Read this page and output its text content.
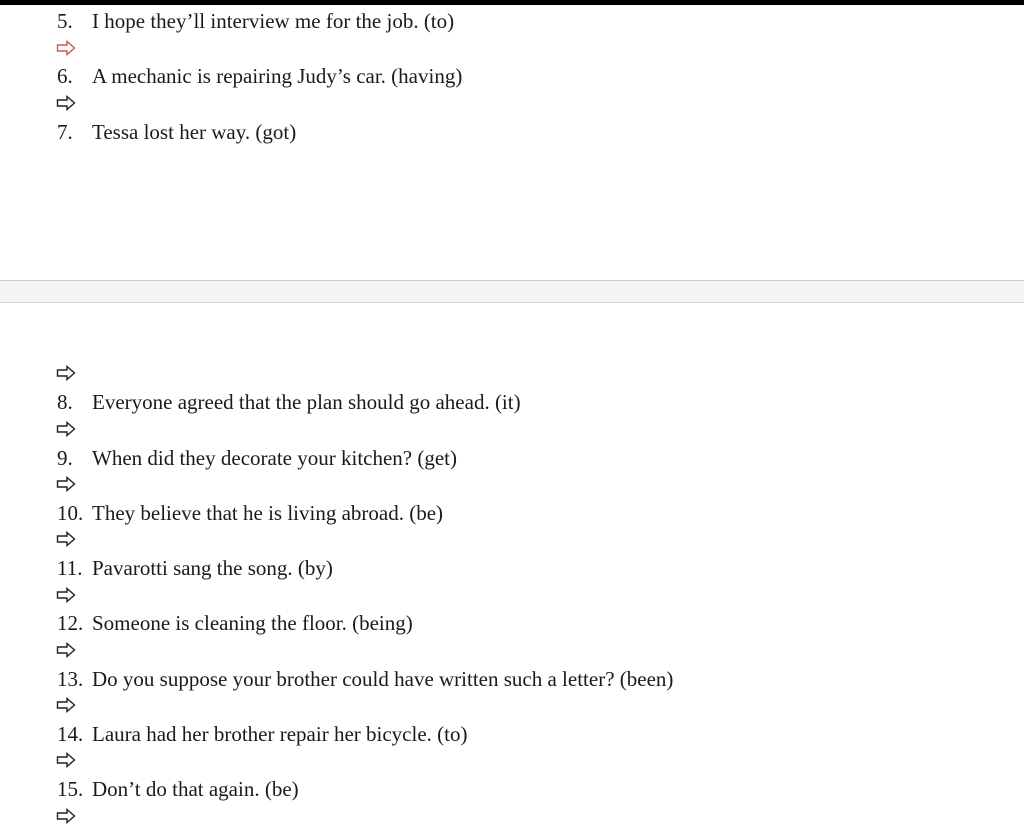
5. I hope they’ll interview me for the job. (to)
6. A mechanic is repairing Judy’s car. (having)
7. Tessa lost her way. (got)
8. Everyone agreed that the plan should go ahead. (it)
9. When did they decorate your kitchen? (get)
10. They believe that he is living abroad. (be)
11. Pavarotti sang the song. (by)
12. Someone is cleaning the floor. (being)
13. Do you suppose your brother could have written such a letter? (been)
14. Laura had her brother repair her bicycle. (to)
15. Don’t do that again. (be)
